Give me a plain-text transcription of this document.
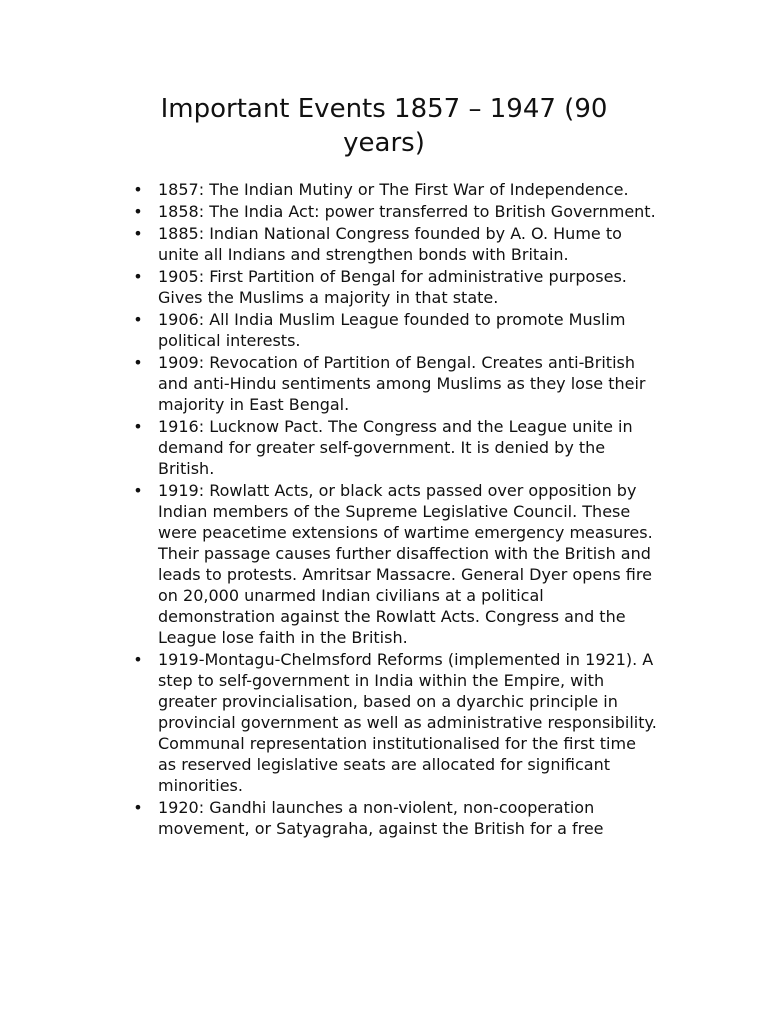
Important Events 1857 – 1947 (90 years)
• 1857: The Indian Mutiny or The First War of Independence.
• 1858: The India Act: power transferred to British Government.
• 1885: Indian National Congress founded by A. O. Hume to unite all Indians and strengthen bonds with Britain.
• 1905: First Partition of Bengal for administrative purposes. Gives the Muslims a majority in that state.
• 1906: All India Muslim League founded to promote Muslim political interests.
• 1909: Revocation of Partition of Bengal. Creates anti-British and anti-Hindu sentiments among Muslims as they lose their majority in East Bengal.
• 1916: Lucknow Pact. The Congress and the League unite in demand for greater self-government. It is denied by the British.
• 1919: Rowlatt Acts, or black acts passed over opposition by Indian members of the Supreme Legislative Council. These were peacetime extensions of wartime emergency measures. Their passage causes further disaffection with the British and leads to protests. Amritsar Massacre. General Dyer opens fire on 20,000 unarmed Indian civilians at a political demonstration against the Rowlatt Acts. Congress and the League lose faith in the British.
• 1919-Montagu-Chelmsford Reforms (implemented in 1921). A step to self-government in India within the Empire, with greater provincialisation, based on a dyarchic principle in provincial government as well as administrative responsibility. Communal representation institutionalised for the first time as reserved legislative seats are allocated for significant minorities.
• 1920: Gandhi launches a non-violent, non-cooperation movement, or Satyagraha, against the British for a free
